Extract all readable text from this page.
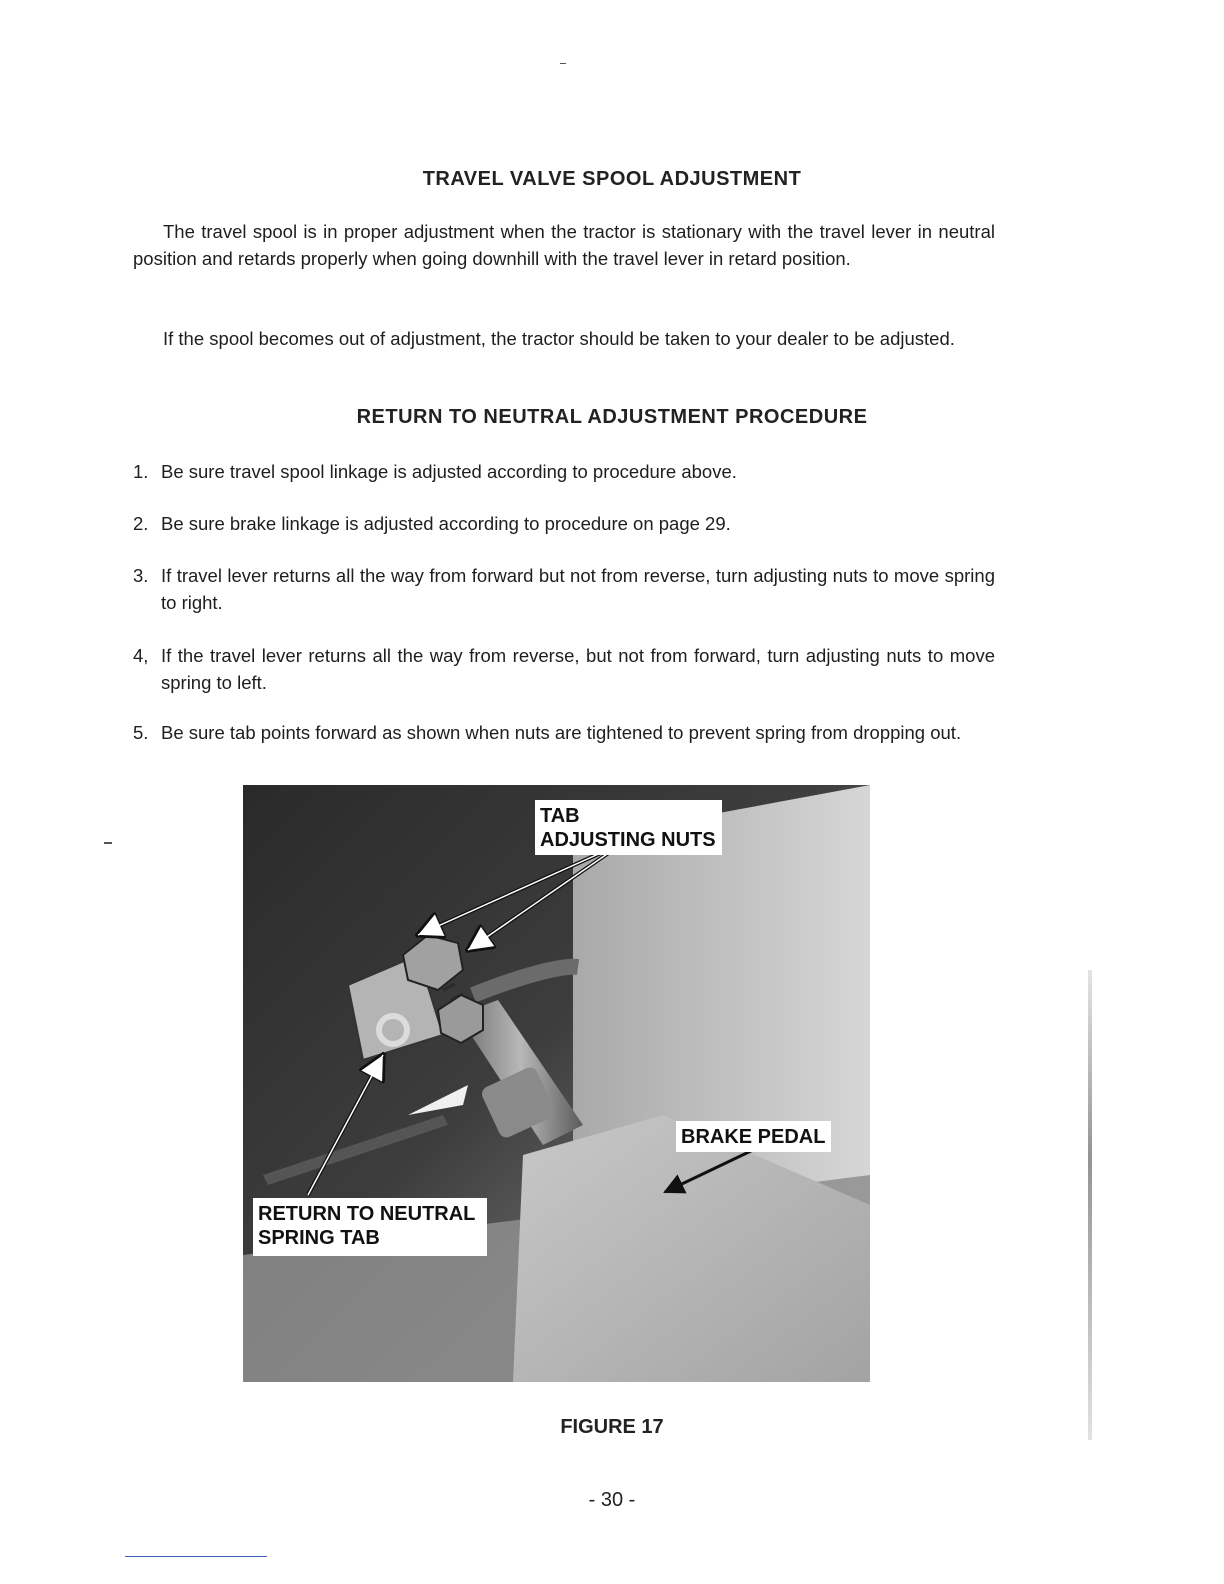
TRAVEL VALVE SPOOL ADJUSTMENT
The travel spool is in proper adjustment when the tractor is stationary with the travel lever in neutral position and retards properly when going downhill with the travel lever in retard position.
If the spool becomes out of adjustment, the tractor should be taken to your dealer to be adjusted.
RETURN TO NEUTRAL ADJUSTMENT PROCEDURE
1. Be sure travel spool linkage is adjusted according to procedure above.
2. Be sure brake linkage is adjusted according to procedure on page 29.
3. If travel lever returns all the way from forward but not from reverse, turn adjusting nuts to move spring to right.
4, If the travel lever returns all the way from reverse, but not from forward, turn adjusting nuts to move spring to left.
5. Be sure tab points forward as shown when nuts are tightened to prevent spring from dropping out.
TAB
ADJUSTING NUTS
BRAKE PEDAL
RETURN TO NEUTRAL
SPRING TAB
FIGURE 17
- 30 -
